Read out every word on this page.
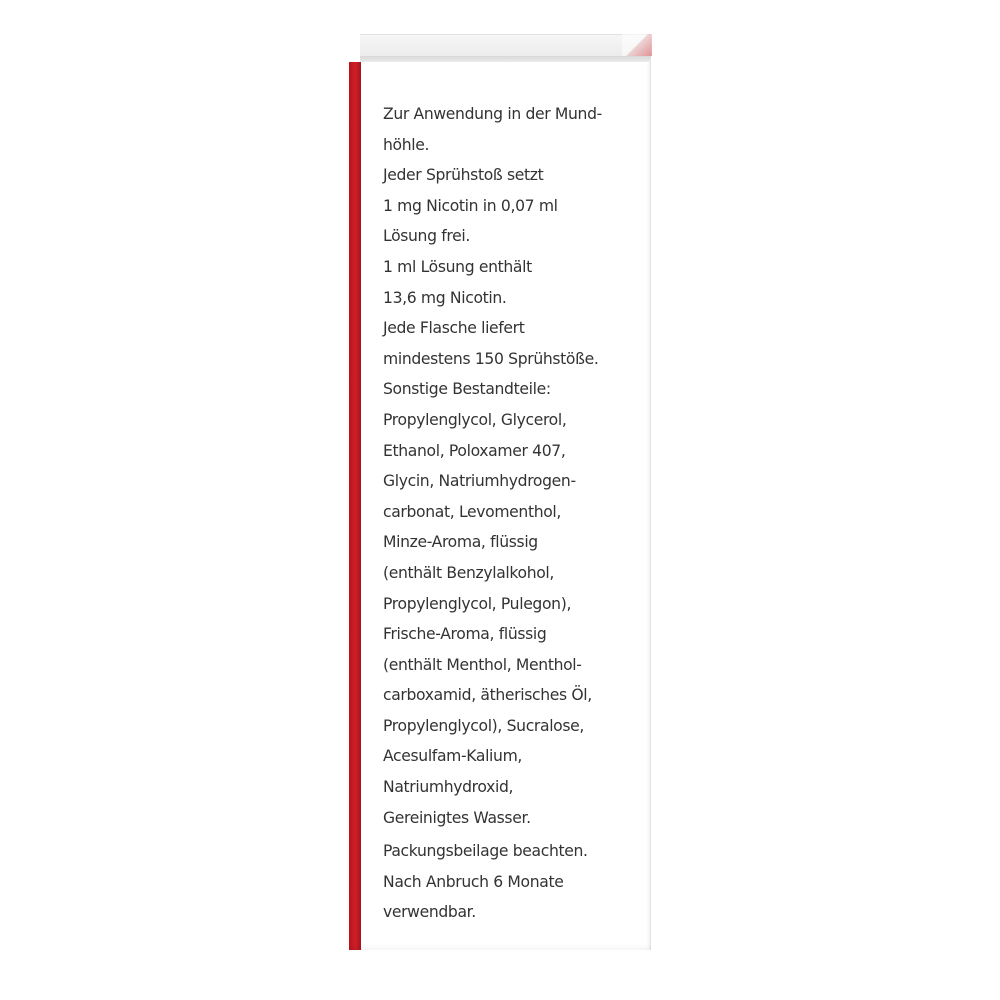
Zur Anwendung in der Mund-
höhle.
Jeder Sprühstoß setzt
1 mg Nicotin in 0,07 ml
Lösung frei.
1 ml Lösung enthält
13,6 mg Nicotin.
Jede Flasche liefert
mindestens 150 Sprühstöße.
Sonstige Bestandteile:
Propylenglycol, Glycerol,
Ethanol, Poloxamer 407,
Glycin, Natriumhydrogen-
carbonat, Levomenthol,
Minze-Aroma, flüssig
(enthält Benzylalkohol,
Propylenglycol, Pulegon),
Frische-Aroma, flüssig
(enthält Menthol, Menthol-
carboxamid, ätherisches Öl,
Propylenglycol), Sucralose,
Acesulfam-Kalium,
Natriumhydroxid,
Gereinigtes Wasser.
Packungsbeilage beachten.
Nach Anbruch 6 Monate
verwendbar.
